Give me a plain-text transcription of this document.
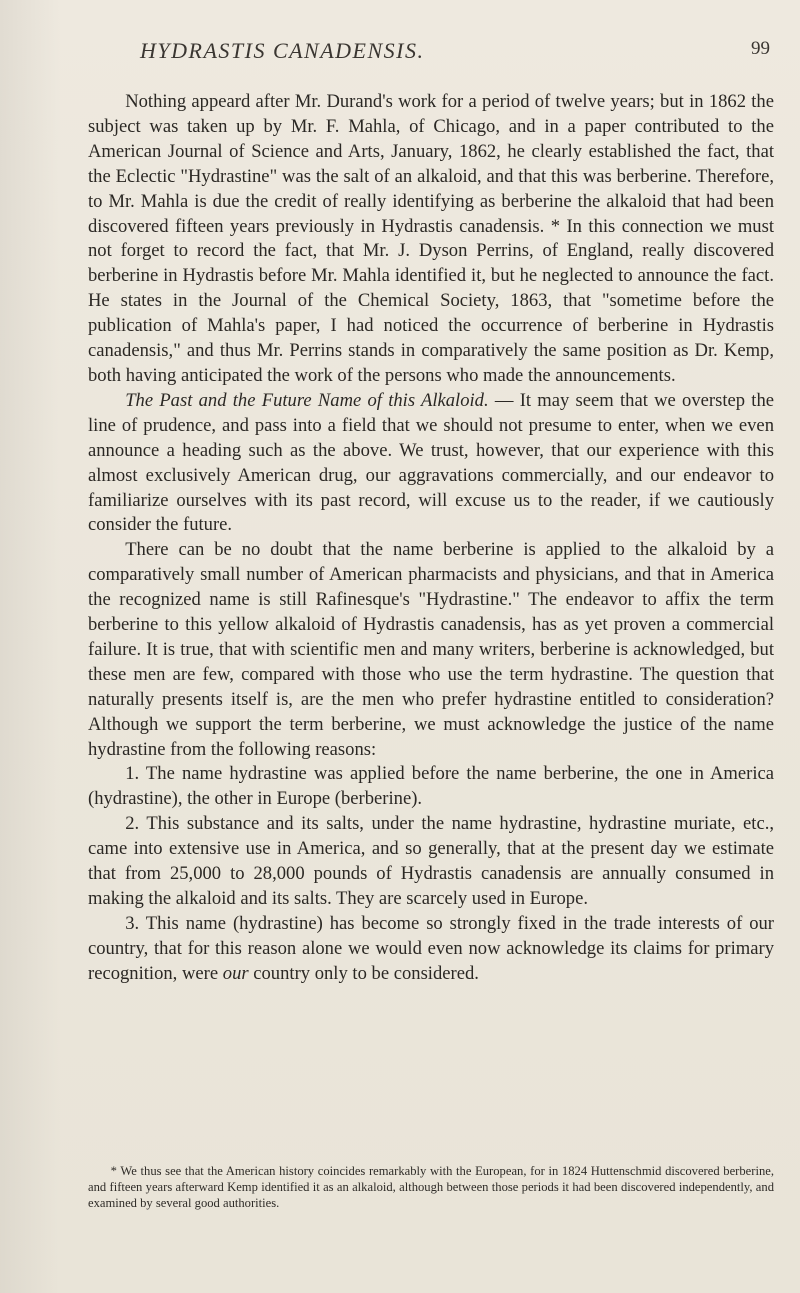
HYDRASTIS CANADENSIS.	99

Nothing appeard after Mr. Durand's work for a period of twelve years; but in 1862 the subject was taken up by Mr. F. Mahla, of Chicago, and in a paper contributed to the American Journal of Science and Arts, January, 1862, he clearly established the fact, that the Eclectic "Hydrastine" was the salt of an alkaloid, and that this was berberine. Therefore, to Mr. Mahla is due the credit of really identifying as berberine the alkaloid that had been discovered fifteen years previously in Hydrastis canadensis. * In this connection we must not forget to record the fact, that Mr. J. Dyson Perrins, of England, really discovered berberine in Hydrastis before Mr. Mahla identified it, but he neglected to announce the fact. He states in the Journal of the Chemical Society, 1863, that "sometime before the publication of Mahla's paper, I had noticed the occurrence of berberine in Hydrastis canadensis," and thus Mr. Perrins stands in comparatively the same position as Dr. Kemp, both having anticipated the work of the persons who made the announcements.

The Past and the Future Name of this Alkaloid. — It may seem that we overstep the line of prudence, and pass into a field that we should not presume to enter, when we even announce a heading such as the above. We trust, however, that our experience with this almost exclusively American drug, our aggravations commercially, and our endeavor to familiarize ourselves with its past record, will excuse us to the reader, if we cautiously consider the future.

There can be no doubt that the name berberine is applied to the alkaloid by a comparatively small number of American pharmacists and physicians, and that in America the recognized name is still Rafinesque's "Hydrastine." The endeavor to affix the term berberine to this yellow alkaloid of Hydrastis canadensis, has as yet proven a commercial failure. It is true, that with scientific men and many writers, berberine is acknowledged, but these men are few, compared with those who use the term hydrastine. The question that naturally presents itself is, are the men who prefer hydrastine entitled to consideration? Although we support the term berberine, we must acknowledge the justice of the name hydrastine from the following reasons:

1. The name hydrastine was applied before the name berberine, the one in America (hydrastine), the other in Europe (berberine).

2. This substance and its salts, under the name hydrastine, hydrastine muriate, etc., came into extensive use in America, and so generally, that at the present day we estimate that from 25,000 to 28,000 pounds of Hydrastis canadensis are annually consumed in making the alkaloid and its salts. They are scarcely used in Europe.

3. This name (hydrastine) has become so strongly fixed in the trade interests of our country, that for this reason alone we would even now acknowledge its claims for primary recognition, were our country only to be considered.

* We thus see that the American history coincides remarkably with the European, for in 1824 Huttenschmid discovered berberine, and fifteen years afterward Kemp identified it as an alkaloid, although between those periods it had been discovered independently, and examined by several good authorities.
